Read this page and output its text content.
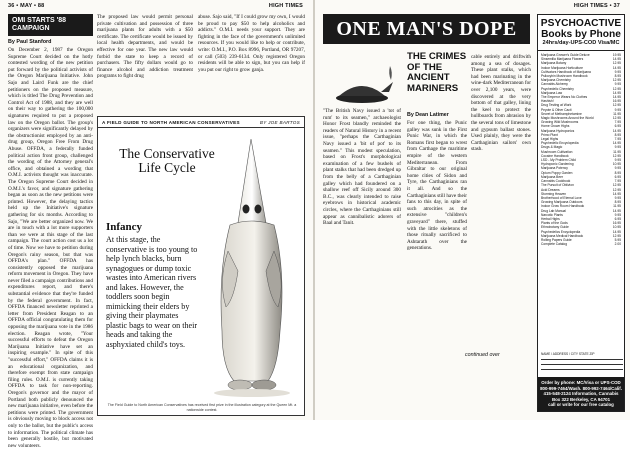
36 • MAY • 88	HIGH TIMES
OMI STARTS '88 CAMPAIGN
By Paul Stanford
On December 2, 1987 the Oregon Supreme Court decided on the hotly contested wording of the new petition put forward by the political activists of the Oregon Marijuana Initiative. John Sajo and Laird Funk are the chief petitioners on the proposed measure, which is titled The Drug Prevention and Control Act of 1988, and they are well on their way to gathering the 100,000 signatures required to put a proposed law on the Oregon ballot. The group's organizers were significantly delayed by the obstructionist employed by an anti-drug group, Oregon Free From Drug Abuse. OFFDA, a federally funded political action front group, challenged the wording of the Attorney general's office, and obtained a wording that O.M.I. activists thought was inaccurate. The Oregon Supreme Court decided in O.M.I.'s favor, and signature gathering began as soon as the new petitions were printed. However, the delaying tactics held up the Initiative's signature gathering for six months. According to Sajo, "We are better organized now. We are in touch with a lot more supporters than we were at this stage of the last campaign. The court action cost us a lot of time. Now we have to petition during Oregon's rainy season, but that was OFFDA's plan." OFFDA has consistently opposed the marijuana reform movement in Oregon. They have never filed a campaign contributions and expenditures report, and there's substantial evidence that they're funded by the federal government. In fact, OFFDA financed newsletter reprinted a letter from President Reagan to an OFFDA official congratulating them for opposing the marijuana vote in the 1986 election. Reagan wrote, "Your successful efforts to defeat the Oregon Marijuana Initiative have set an inspiring example." In spite of this "successful effort," OFFDA claims it is an educational organization, and therefore exempt from state campaign filing rules. O.M.I. is currently taking OFFDA to task for non-reporting. Oregon's governor and the mayor of Portland both publicly denounced the new marijuana initiative, even before the petitions were printed. The government is obviously moving to block access not only to the ballot, but the public's access to information. The political climate has been generally hostile, but motivated new volunteers.
The proposed law would permit personal private cultivation and possession of three marijuana plants for adults with a $50 certificate. The certificate would be issued by local health departments, and would be effective for one year. The new law would forbid the state to keep a record of purchasers. The fifty dollars would go to finance alcohol and addiction treatment programs to fight drug
abuse. Sajo said, "If I could grow my own, I would be proud to pay $50 to help alcoholics and addicts." O.M.I. needs your support. They are fighting in the face of the government's unlimited resources. If you would like to help or contribute, write: O.M.I., P.O. Box 8996, Portland, OR 97207, or call (503) 239-6134. Only registered Oregon residents will be able to sign, but you can help if you put our right to grow ganja.
A FIELD GUIDE TO NORTH AMERICAN CONSERVATIVES	BY JOE BARTOS
The Conservative Life Cycle
Infancy
At this stage, the conservative is too young to help lynch blacks, burn synagogues or dump toxic wastes into American rivers and lakes. However, the toddlers soon begin mimicking their elders by giving their playmates plastic bags to wear on their heads and taking the asphyxiated child's toys.
The Field Guide to North American Conservatives has received first prize in the illustration category at the Queen Mt. a nationwide contest.
HIGH TIMES • 37
ONE MAN'S DOPE
THE CRIMES OF THE ANCIENT MARINERS
By Dean Latimer
"The British Navy issued a 'tot of rum' to its seamen," archaeologist Honor Frost blandly reminded the readers of Natural History in a recent issue, "perhaps the Carthaginian Navy issued a 'bit of pot' to its seamen." This modest speculation, based on Frost's morphological examination of a few bushels of plant stalks that had been dredged up from the belly of a Carthaginian galley which had foundered on a shallow reef off Sicily around 300 B.C., was clearly intended to raise eyebrows in historical academic circles, where the Carthaginians still appear as cannibalistic adorers of Baal and Tanit.
For one thing, the Punic galley was sunk in the First Punic War, in which the Romans first began to wrest from Carthage the maritime empire of the western Mediterranean. From Gibraltar to our original home cities of Sidon and Tyre, the Carthaginians ran it all. And so the Carthaginians still have their fans to this day, in spite of such atrocities as the extensive "children's graveyard" there, stuffed with the little skeletons of those ritually sacrificed to Ashtarath over the generations.
cable entirely and driftwith among a sea of dosages. These plant stalks, which had been marinating in the wine-dark Mediterranean for over 2,100 years, were discovered at the very bottom of that galley, lining the keel to protect the hullboards from abrasion by the several tons of limestone and gypsum ballast stones. Used plainly, they were the Carthaginian sailors' own stash.
continued over
PSYCHOACTIVE Books by Phone
24hrs/day-UPS-COD Visa/MC
Marijuana Grower's Guide Deluxe	19.95
Sinsemilla Marijuana Flowers	14.95
Marijuana Botany	12.95
Indoor Marijuana Horticulture	14.95
Cultivators Handbook of Marijuana	9.95
Psilocybin Mushroom Handbook	8.95
Marijuana Chemistry	12.95
Cannabis Alchemy	9.95
Psychedelic Chemistry	12.95
Marijuana Law	14.95
The Emperor Wears No Clothes	14.95
Hashish!	16.95
Drug Testing at Work	12.95
Peyote & Other Cacti	9.95
Secret of Methamphetamine	11.95
Magic Mushrooms Around the World	12.95
Growing Wild Mushrooms	7.95
Home Grown Highs	6.95
Marijuana Hydroponics	14.95
Primo Plant	8.95
Legal Highs	7.95
Psychedelic Encyclopedia	14.95
Drugs & Magic	9.95
Mushroom Cultivation	11.95
Cocaine Handbook	12.95
LSD - My Problem Child	9.95
Hydroponic Gardening	10.95
Marijuana Potency	9.95
Opium Poppy Garden	8.95
Marijuana Beer	6.95
Cannabis Cookbook	7.95
The Pursuit of Oblivion	12.95
Acid Dreams	12.95
Storming Heaven	14.95
Brotherhood of Eternal Love	9.95
Growing Marijuana Outdoors	8.95
Indoor Grow Room Handbook	11.95
Drug Lab Manual	14.95
Narcotic Plants	9.95
Herbal Highs	6.95
Plants of the Gods	16.95
Ethnobotany Guide	10.95
Psychedelics Encyclopedia	14.95
Marijuana Medical Handbook	12.95
Rolling Papers Guide	5.95
Complete Catalog	2.00
NAME / ADDRESS / CITY STATE ZIP
Order by phone: MC/Visa or UPS-COD
800-999-7464/Wash. 800-992-7464/Calif.
415-548-2124 Information, Cannabis
Box 322 Berkeley, CA 94701
call or write for our free catalog
